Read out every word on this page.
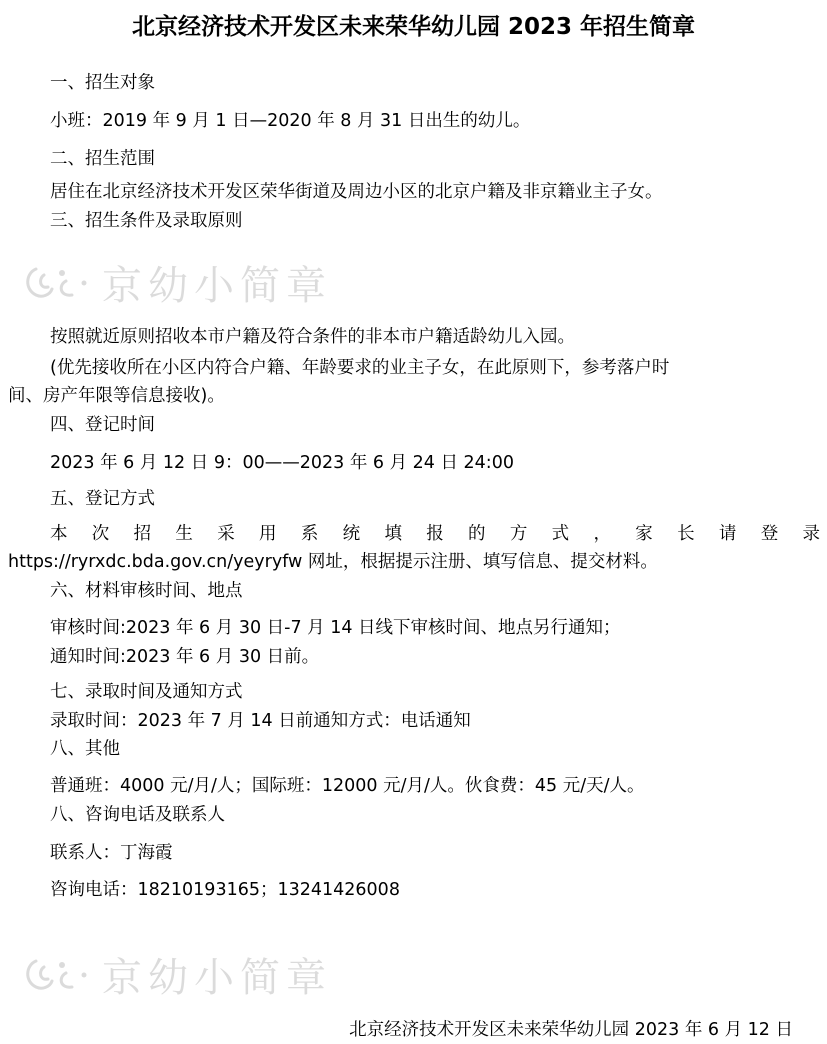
北京经济技术开发区未来荣华幼儿园 2023 年招生简章
一、招生对象
小班：2019 年 9 月 1 日—2020 年 8 月 31 日出生的幼儿。
二、招生范围
居住在北京经济技术开发区荣华街道及周边小区的北京户籍及非京籍业主子女。
三、招生条件及录取原则
京幼小简章
按照就近原则招收本市户籍及符合条件的非本市户籍适龄幼儿入园。
(优先接收所在小区内符合户籍、年龄要求的业主子女，在此原则下，参考落户时
间、房产年限等信息接收)。
四、登记时间
2023 年 6 月 12 日 9：00——2023 年 6 月 24 日 24:00
五、登记方式
本次招生采用系统填报的方式，家长请登录
https://ryrxdc.bda.gov.cn/yeyryfw 网址，根据提示注册、填写信息、提交材料。
六、材料审核时间、地点
审核时间:2023 年 6 月 30 日-7 月 14 日线下审核时间、地点另行通知；
通知时间:2023 年 6 月 30 日前。
七、录取时间及通知方式
录取时间：2023 年 7 月 14 日前通知方式：电话通知
八、其他
普通班：4000 元/月/人；国际班：12000 元/月/人。伙食费：45 元/天/人。
八、咨询电话及联系人
联系人：丁海霞
咨询电话：18210193165；13241426008
京幼小简章
北京经济技术开发区未来荣华幼儿园 2023 年 6 月 12 日
